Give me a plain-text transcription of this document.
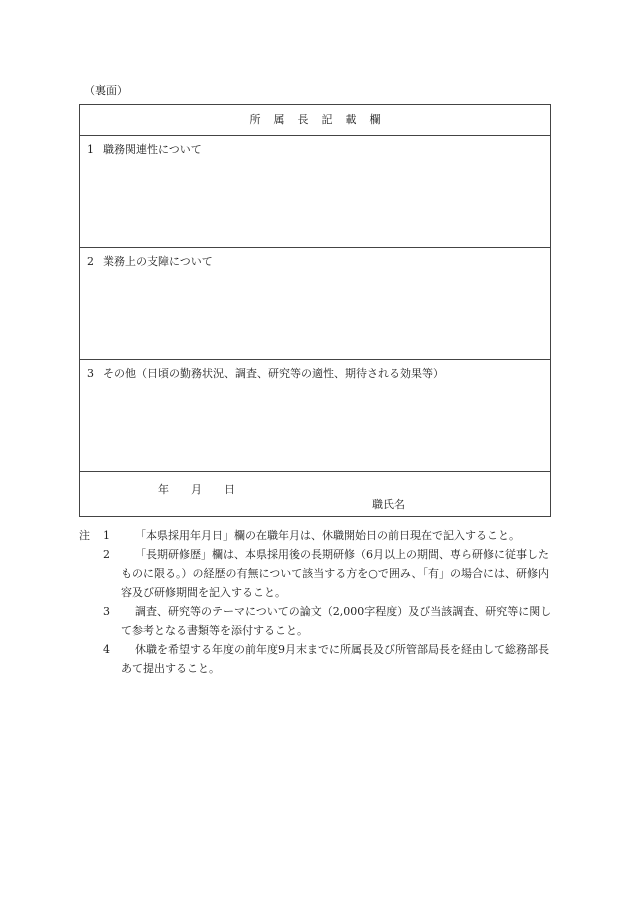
（裏面）
所属長記載欄
1 職務関連性について
2 業務上の支障について
3 その他（日頃の勤務状況、調査、研究等の適性、期待される効果等）
年 月 日
職氏名
注 1	「本県採用年月日」欄の在職年月は、休職開始日の前日現在で記入すること。
2	「長期研修歴」欄は、本県採用後の長期研修（6月以上の期間、専ら研修に従事したものに限る。）の経歴の有無について該当する方を○で囲み、「有」の場合には、研修内容及び研修期間を記入すること。
3	調査、研究等のテーマについての論文（2,000字程度）及び当該調査、研究等に関して参考となる書類等を添付すること。
4	休職を希望する年度の前年度9月末までに所属長及び所管部局長を経由して総務部長あて提出すること。
